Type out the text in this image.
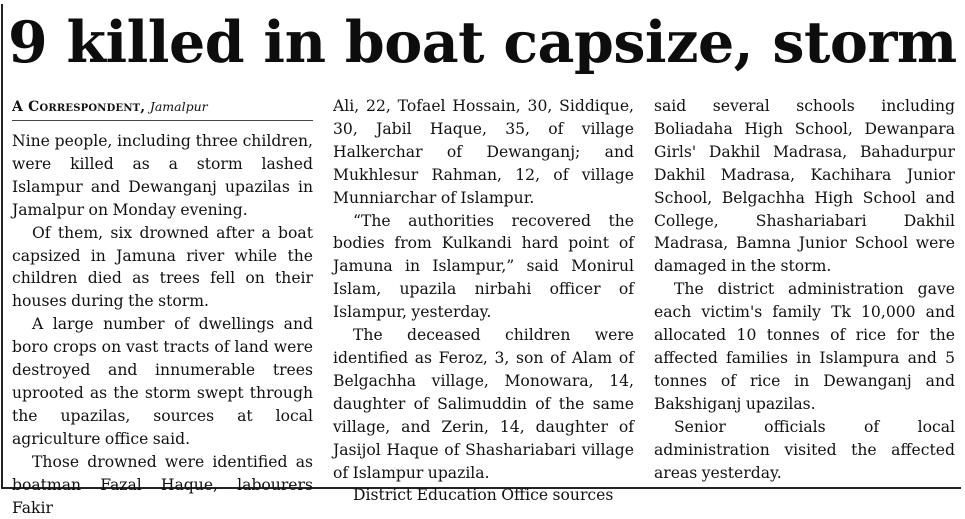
9 killed in boat capsize, storm
A Correspondent, Jamalpur

Nine people, including three children, were killed as a storm lashed Islampur and Dewanganj upazilas in Jamalpur on Monday evening.

Of them, six drowned after a boat capsized in Jamuna river while the children died as trees fell on their houses during the storm.

A large number of dwellings and boro crops on vast tracts of land were destroyed and innumerable trees uprooted as the storm swept through the upazilas, sources at local agriculture office said.

Those drowned were identified as boatman Fazal Haque, labourers Fakir

Ali, 22, Tofael Hossain, 30, Siddique, 30, Jabil Haque, 35, of village Halkerchar of Dewanganj; and Mukhlesur Rahman, 12, of village Munniarchar of Islampur.

“The authorities recovered the bodies from Kulkandi hard point of Jamuna in Islampur,” said Monirul Islam, upazila nirbahi officer of Islampur, yesterday.

The deceased children were identified as Feroz, 3, son of Alam of Belgachha village, Monowara, 14, daughter of Salimuddin of the same village, and Zerin, 14, daughter of Jasijol Haque of Shashariabari village of Islampur upazila.

District Education Office sources

said several schools including Boliadaha High School, Dewanpara Girls' Dakhil Madrasa, Bahadurpur Dakhil Madrasa, Kachihara Junior School, Belgachha High School and College, Shashariabari Dakhil Madrasa, Bamna Junior School were damaged in the storm.

The district administration gave each victim's family Tk 10,000 and allocated 10 tonnes of rice for the affected families in Islampura and 5 tonnes of rice in Dewanganj and Bakshiganj upazilas.

Senior officials of local administration visited the affected areas yesterday.
